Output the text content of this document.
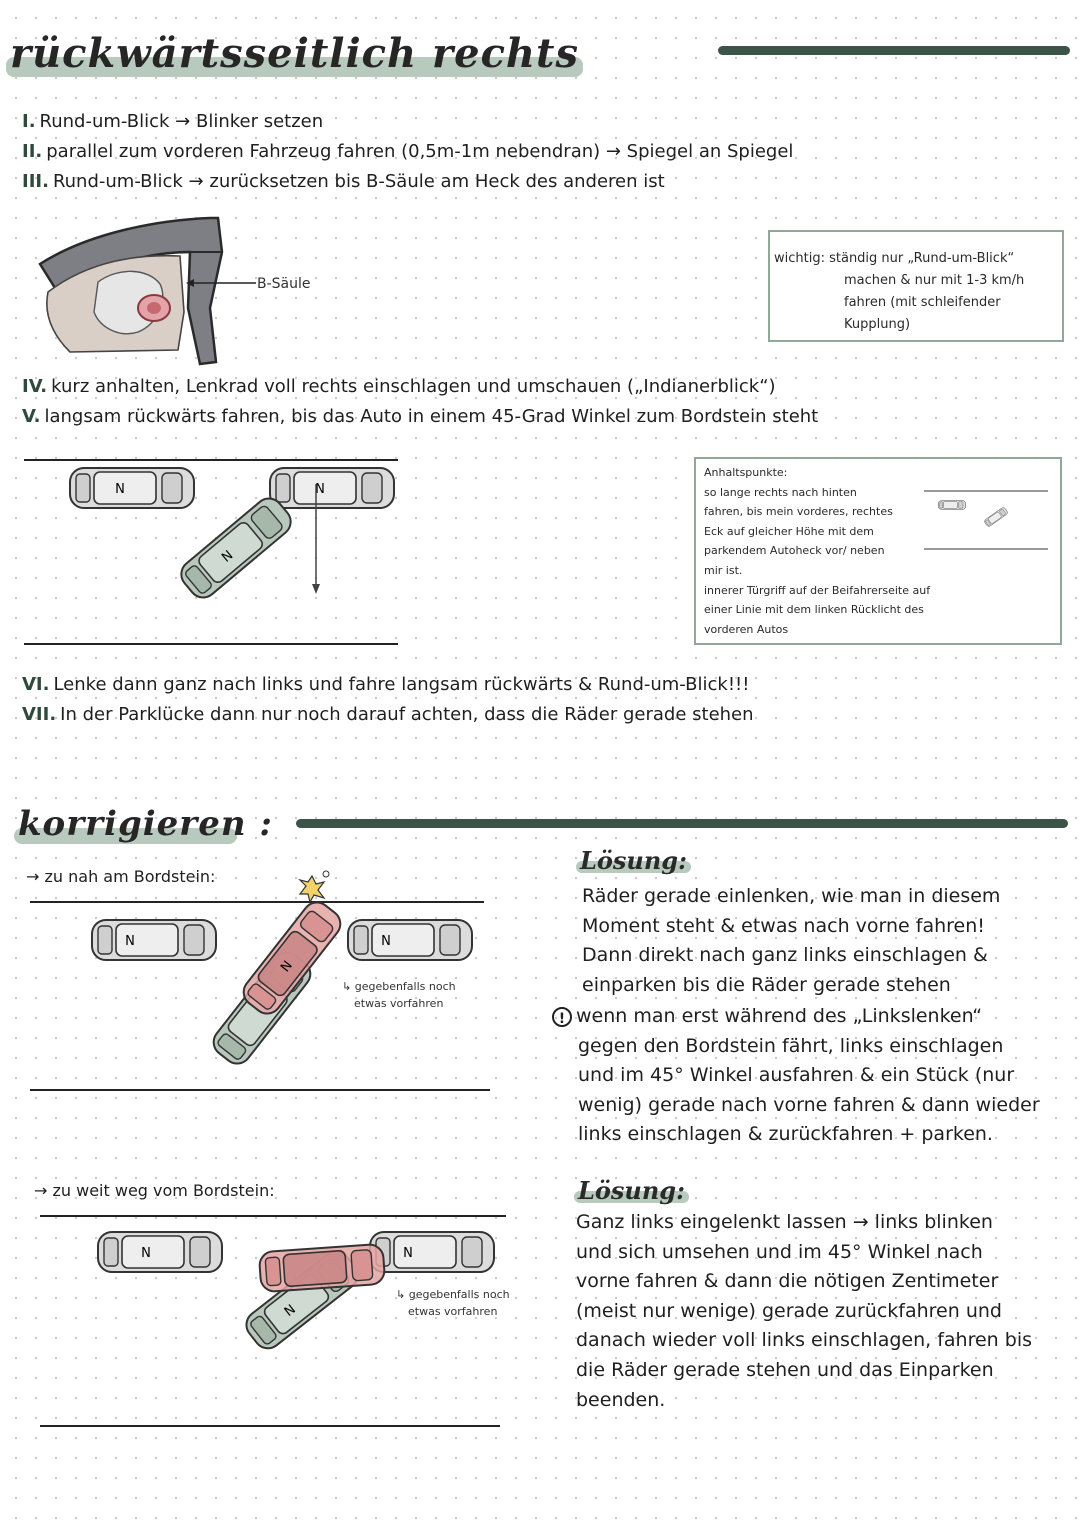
rückwärtsseitlich rechts
I. Rund-um-Blick → Blinker setzen
II. parallel zum vorderen Fahrzeug fahren (0,5m-1m nebendran) → Spiegel an Spiegel
III. Rund-um-Blick → zurücksetzen bis B-Säule am Heck des anderen ist
B-Säule
wichtig: ständig nur „Rund-um-Blick“
machen & nur mit 1-3 km/h
fahren (mit schleifender
Kupplung)
IV. kurz anhalten, Lenkrad voll rechts einschlagen und umschauen („Indianerblick“)
V. langsam rückwärts fahren, bis das Auto in einem 45-Grad Winkel zum Bordstein steht
N	N
N
Anhaltspunkte:
so lange rechts nach hinten
fahren, bis mein vorderes, rechtes
Eck auf gleicher Höhe mit dem
parkendem Autoheck vor/ neben
mir ist.
innerer Türgriff auf der Beifahrerseite auf
einer Linie mit dem linken Rücklicht des
vorderen Autos
VI. Lenke dann ganz nach links und fahre langsam rückwärts & Rund-um-Blick!!!
VII. In der Parklücke dann nur noch darauf achten, dass die Räder gerade stehen
korrigieren :
→ zu nah am Bordstein:
N	N
N
↳ gegebenfalls noch
etwas vorfahren
Lösung:
Räder gerade einlenken, wie man in diesem
Moment steht & etwas nach vorne fahren!
Dann direkt nach ganz links einschlagen &
einparken bis die Räder gerade stehen
! wenn man erst während des „Linkslenken“
gegen den Bordstein fährt, links einschlagen
und im 45° Winkel ausfahren & ein Stück (nur
wenig) gerade nach vorne fahren & dann wieder
links einschlagen & zurückfahren + parken.
→ zu weit weg vom Bordstein:
N	N
N
↳ gegebenfalls noch
etwas vorfahren
Lösung:
Ganz links eingelenkt lassen → links blinken
und sich umsehen und im 45° Winkel nach
vorne fahren & dann die nötigen Zentimeter
(meist nur wenige) gerade zurückfahren und
danach wieder voll links einschlagen, fahren bis
die Räder gerade stehen und das Einparken
beenden.
